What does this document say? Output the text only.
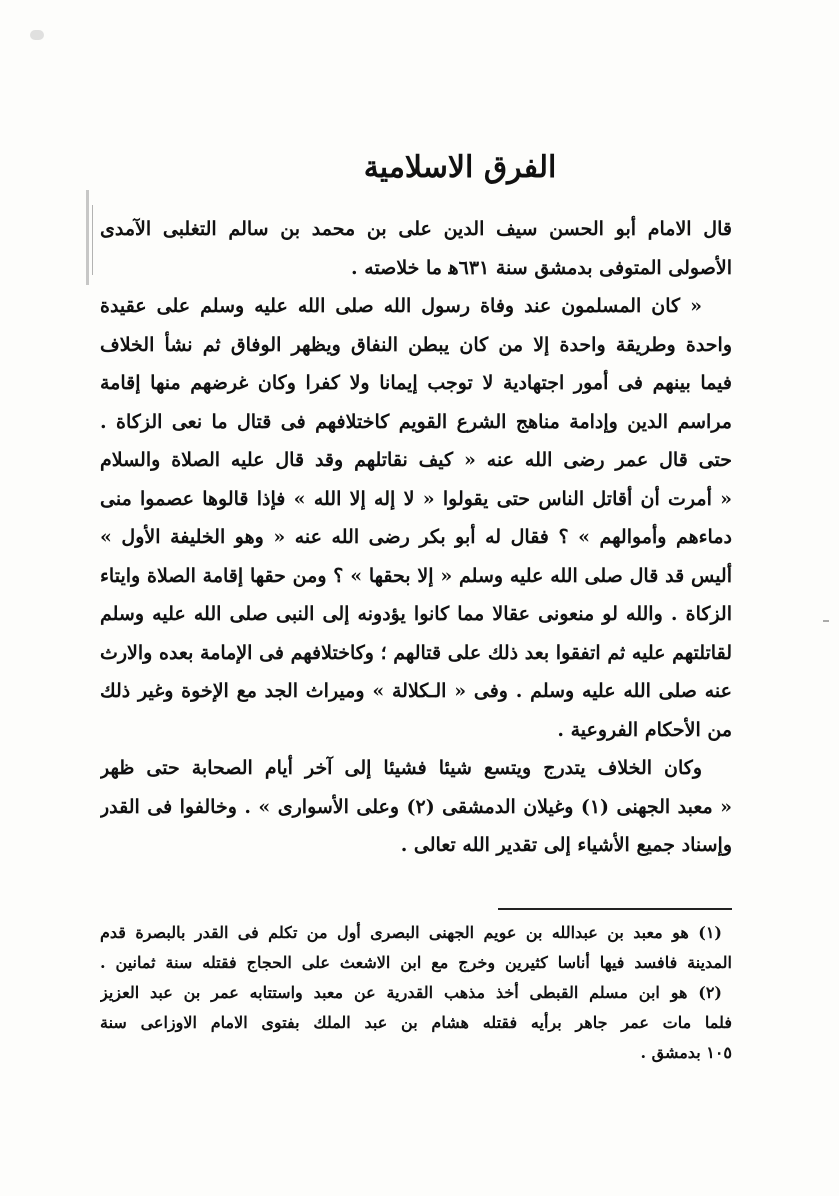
الفرق الاسلامية
قال الامام أبو الحسن سيف الدين على بن محمد بن سالم التغلبى الآمدى
الأصولى المتوفى بدمشق سنة ٦٣١ﻫ ما خلاصته .
« كان المسلمون عند وفاة رسول الله صلى الله عليه وسلم على عقيدة
واحدة وطريقة واحدة إلا من كان يبطن النفاق ويظهر الوفاق ثم نشأ الخلاف
فيما بينهم فى أمور اجتهادية لا توجب إيمانا ولا كفرا وكان غرضهم منها إقامة
مراسم الدين وإدامة مناهج الشرع القويم كاختلافهم فى قتال ما نعى الزكاة .
حتى قال عمر رضى الله عنه « كيف نقاتلهم وقد قال عليه الصلاة والسلام
« أمرت أن أقاتل الناس حتى يقولوا « لا إله إلا الله » فإذا قالوها عصموا منى
دماءهم وأموالهم » ؟ فقال له أبو بكر رضى الله عنه « وهو الخليفة الأول »
أليس قد قال صلى الله عليه وسلم « إلا بحقها » ؟ ومن حقها إقامة الصلاة وايتاء
الزكاة . والله لو منعونى عقالا مما كانوا يؤدونه إلى النبى صلى الله عليه وسلم
لقاتلتهم عليه ثم اتفقوا بعد ذلك على قتالهم ؛ وكاختلافهم فى الإمامة بعده والارث
عنه صلى الله عليه وسلم . وفى « الـكلالة » وميراث الجد مع الإخوة وغير ذلك
من الأحكام الفروعية .
وكان الخلاف يتدرج ويتسع شيئا فشيئا إلى آخر أيام الصحابة حتى ظهر
« معبد الجهنى (١) وغيلان الدمشقى (٢) وعلى الأسوارى » . وخالفوا فى القدر
وإسناد جميع الأشياء إلى تقدير الله تعالى .
(١) هو معبد بن عبدالله بن عويم الجهنى البصرى أول من تكلم فى القدر بالبصرة قدم
المدينة فافسد فيها أناسا كثيرين وخرج مع ابن الاشعث على الحجاج فقتله سنة ثمانين .
(٢) هو ابن مسلم القبطى أخذ مذهب القدرية عن معبد واستتابه عمر بن عبد العزيز
فلما مات عمر جاهر برأيه فقتله هشام بن عبد الملك بفتوى الامام الاوزاعى سنة
١٠٥ بدمشق .
